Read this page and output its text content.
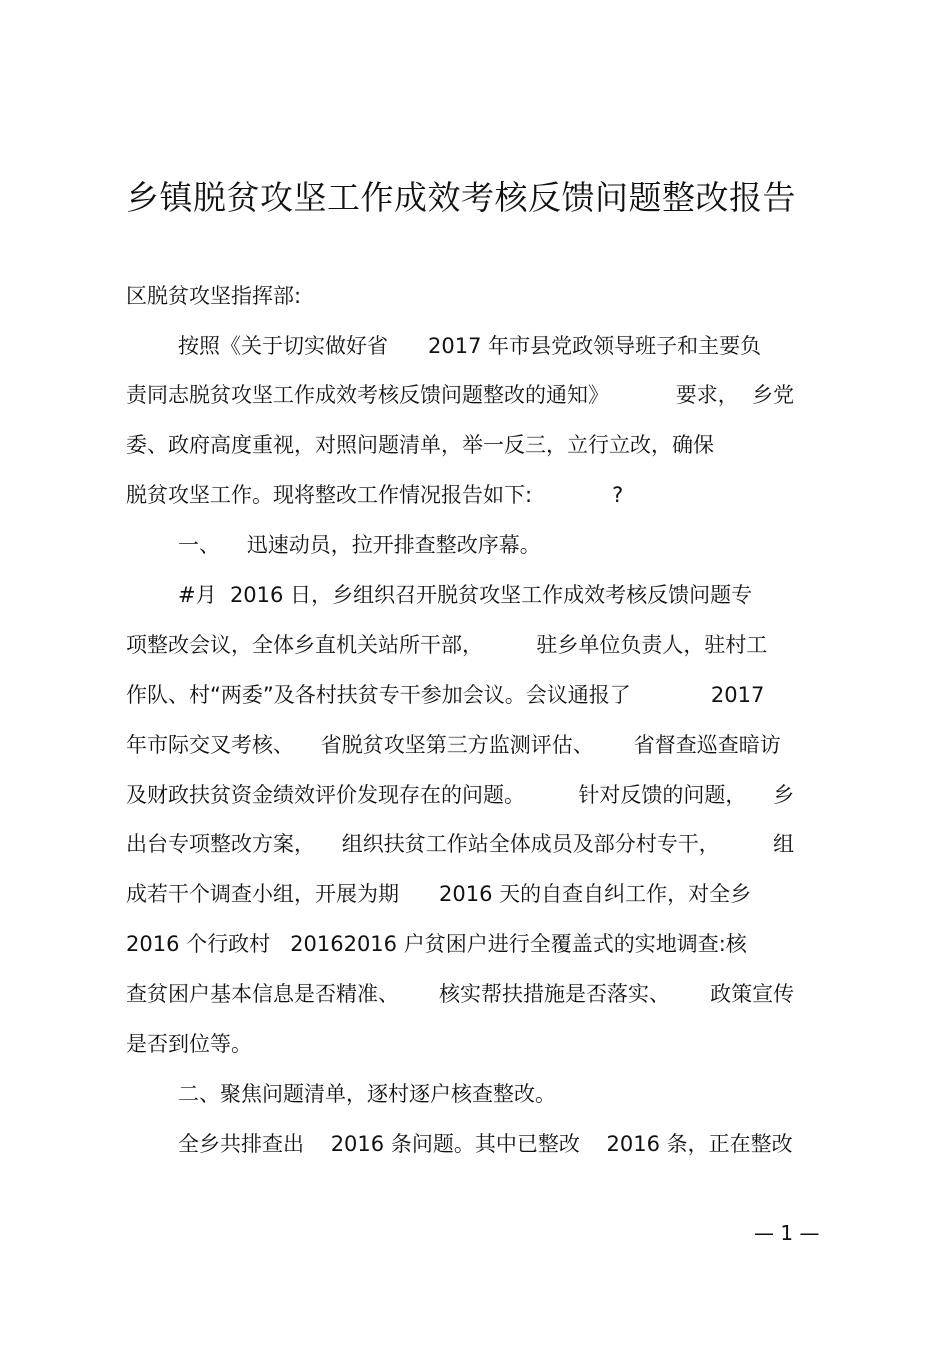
乡镇脱贫攻坚工作成效考核反馈问题整改报告
区脱贫攻坚指挥部:
按照《关于切实做好省      2017 年市县党政领导班子和主要负
责同志脱贫攻坚工作成效考核反馈问题整改的通知》          要求，  乡党
委、政府高度重视，对照问题清单，举一反三，立行立改，确保
脱贫攻坚工作。现将整改工作情况报告如下:            ?
一、    迅速动员，拉开排查整改序幕。
#月  2016 日，乡组织召开脱贫攻坚工作成效考核反馈问题专
项整改会议，全体乡直机关站所干部，        驻乡单位负责人，驻村工
作队、村“两委”及各村扶贫专干参加会议。会议通报了            2017
年市际交叉考核、    省脱贫攻坚第三方监测评估、      省督查巡查暗访
及财政扶贫资金绩效评价发现存在的问题。        针对反馈的问题，    乡
出台专项整改方案，    组织扶贫工作站全体成员及部分村专干，        组
成若干个调查小组，开展为期      2016 天的自查自纠工作，对全乡
2016 个行政村   20162016 户贫困户进行全覆盖式的实地调查:核
查贫困户基本信息是否精准、      核实帮扶措施是否落实、      政策宣传
是否到位等。
二、聚焦问题清单，逐村逐户核查整改。
全乡共排查出    2016 条问题。其中已整改    2016 条，正在整改
— 1 —
